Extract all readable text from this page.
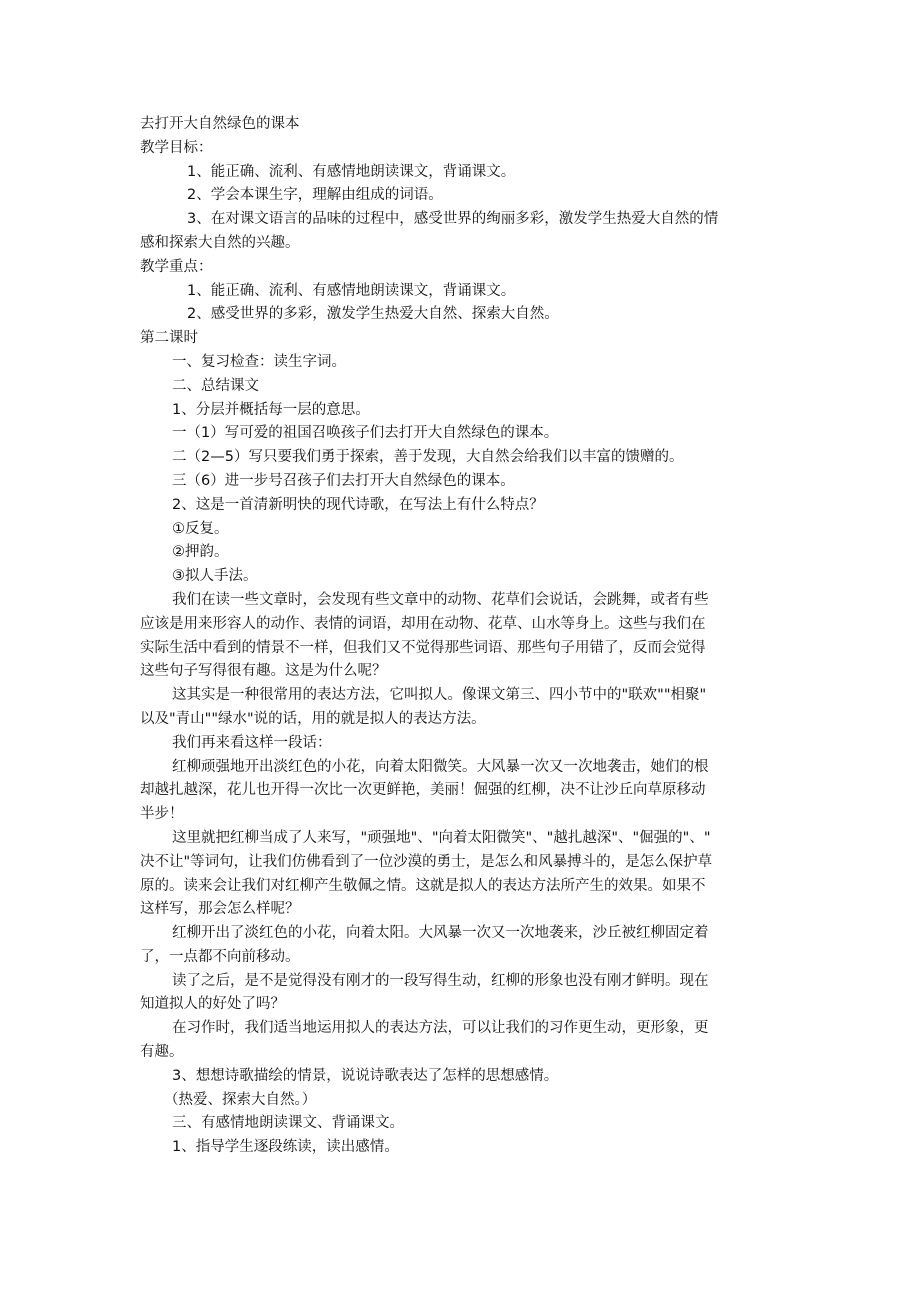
去打开大自然绿色的课本

教学目标：

1、能正确、流利、有感情地朗读课文，背诵课文。

2、学会本课生字，理解由组成的词语。

3、在对课文语言的品味的过程中，感受世界的绚丽多彩，激发学生热爱大自然的情

感和探索大自然的兴趣。

教学重点：

1、能正确、流利、有感情地朗读课文，背诵课文。

2、感受世界的多彩，激发学生热爱大自然、探索大自然。

第二课时

一、复习检查：读生字词。

二、总结课文

1、分层并概括每一层的意思。

一（1）写可爱的祖国召唤孩子们去打开大自然绿色的课本。

二（2—5）写只要我们勇于探索，善于发现，大自然会给我们以丰富的馈赠的。

三（6）进一步号召孩子们去打开大自然绿色的课本。

2、这是一首清新明快的现代诗歌，在写法上有什么特点？

①反复。

②押韵。

③拟人手法。

我们在读一些文章时，会发现有些文章中的动物、花草们会说话，会跳舞，或者有些

应该是用来形容人的动作、表情的词语，却用在动物、花草、山水等身上。这些与我们在

实际生活中看到的情景不一样，但我们又不觉得那些词语、那些句子用错了，反而会觉得

这些句子写得很有趣。这是为什么呢？

这其实是一种很常用的表达方法，它叫拟人。像课文第三、四小节中的"联欢""相聚"

以及"青山""绿水"说的话，用的就是拟人的表达方法。

我们再来看这样一段话：

红柳顽强地开出淡红色的小花，向着太阳微笑。大风暴一次又一次地袭击，她们的根

却越扎越深，花儿也开得一次比一次更鲜艳，美丽！倔强的红柳，决不让沙丘向草原移动

半步！

这里就把红柳当成了人来写，"顽强地"、"向着太阳微笑"、"越扎越深"、"倔强的"、"

决不让"等词句，让我们仿佛看到了一位沙漠的勇士，是怎么和风暴搏斗的，是怎么保护草

原的。读来会让我们对红柳产生敬佩之情。这就是拟人的表达方法所产生的效果。如果不

这样写，那会怎么样呢？

红柳开出了淡红色的小花，向着太阳。大风暴一次又一次地袭来，沙丘被红柳固定着

了，一点都不向前移动。

读了之后，是不是觉得没有刚才的一段写得生动，红柳的形象也没有刚才鲜明。现在

知道拟人的好处了吗？

在习作时，我们适当地运用拟人的表达方法，可以让我们的习作更生动，更形象，更

有趣。

3、想想诗歌描绘的情景，说说诗歌表达了怎样的思想感情。

（热爱、探索大自然。）

三、有感情地朗读课文、背诵课文。

1、指导学生逐段练读，读出感情。
